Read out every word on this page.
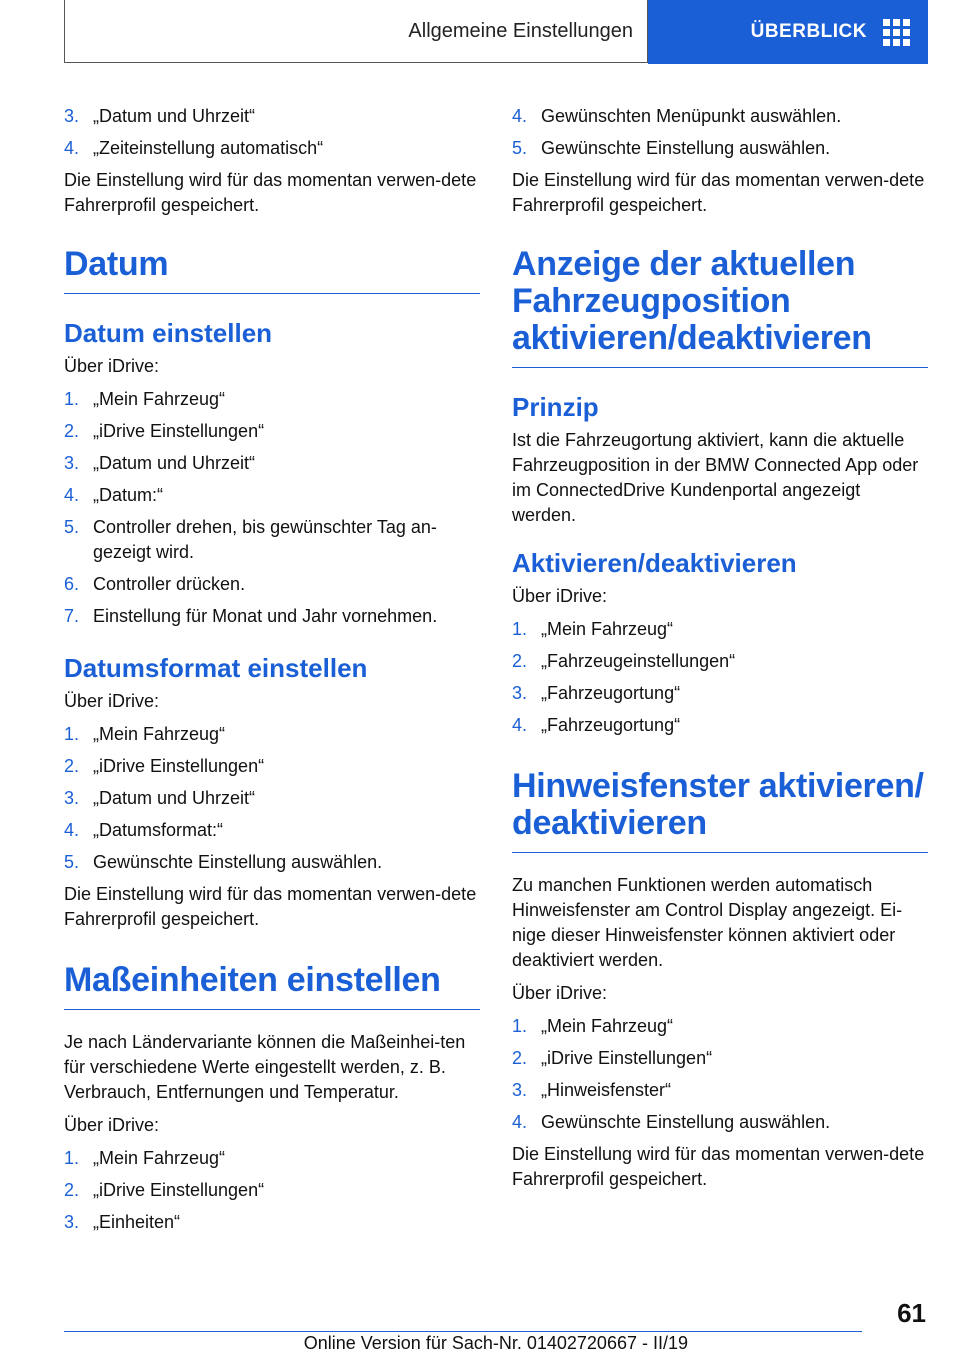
Allgemeine Einstellungen	ÜBERBLICK
3. „Datum und Uhrzeit“
4. „Zeiteinstellung automatisch“

Die Einstellung wird für das momentan verwen-dete Fahrerprofil gespeichert.

Datum
Datum einstellen

Über iDrive:

1. „Mein Fahrzeug“
2. „iDrive Einstellungen“
3. „Datum und Uhrzeit“
4. „Datum:“
5. Controller drehen, bis gewünschter Tag an-gezeigt wird.
6. Controller drücken.
7. Einstellung für Monat und Jahr vornehmen.
Datumsformat einstellen

Über iDrive:

1. „Mein Fahrzeug“
2. „iDrive Einstellungen“
3. „Datum und Uhrzeit“
4. „Datumsformat:“
5. Gewünschte Einstellung auswählen.

Die Einstellung wird für das momentan verwen-dete Fahrerprofil gespeichert.

Maßeinheiten einstellen

Je nach Ländervariante können die Maßeinhei-ten für verschiedene Werte eingestellt werden, z. B. Verbrauch, Entfernungen und Temperatur.

Über iDrive:

1. „Mein Fahrzeug“
2. „iDrive Einstellungen“
3. „Einheiten“
4. Gewünschten Menüpunkt auswählen.
5. Gewünschte Einstellung auswählen.

Die Einstellung wird für das momentan verwen-dete Fahrerprofil gespeichert.

Anzeige der aktuellen Fahrzeugposition aktivieren/deaktivieren
Prinzip

Ist die Fahrzeugortung aktiviert, kann die aktuelle Fahrzeugposition in der BMW Connected App oder im ConnectedDrive Kundenportal angezeigt werden.

Aktivieren/deaktivieren

Über iDrive:

1. „Mein Fahrzeug“
2. „Fahrzeugeinstellungen“
3. „Fahrzeugortung“
4. „Fahrzeugortung“
Hinweisfenster aktivieren/ deaktivieren

Zu manchen Funktionen werden automatisch Hinweisfenster am Control Display angezeigt. Ei-nige dieser Hinweisfenster können aktiviert oder deaktiviert werden.

Über iDrive:

1. „Mein Fahrzeug“
2. „iDrive Einstellungen“
3. „Hinweisfenster“
4. Gewünschte Einstellung auswählen.

Die Einstellung wird für das momentan verwen-dete Fahrerprofil gespeichert.

61
Online Version für Sach-Nr. 01402720667 - II/19
